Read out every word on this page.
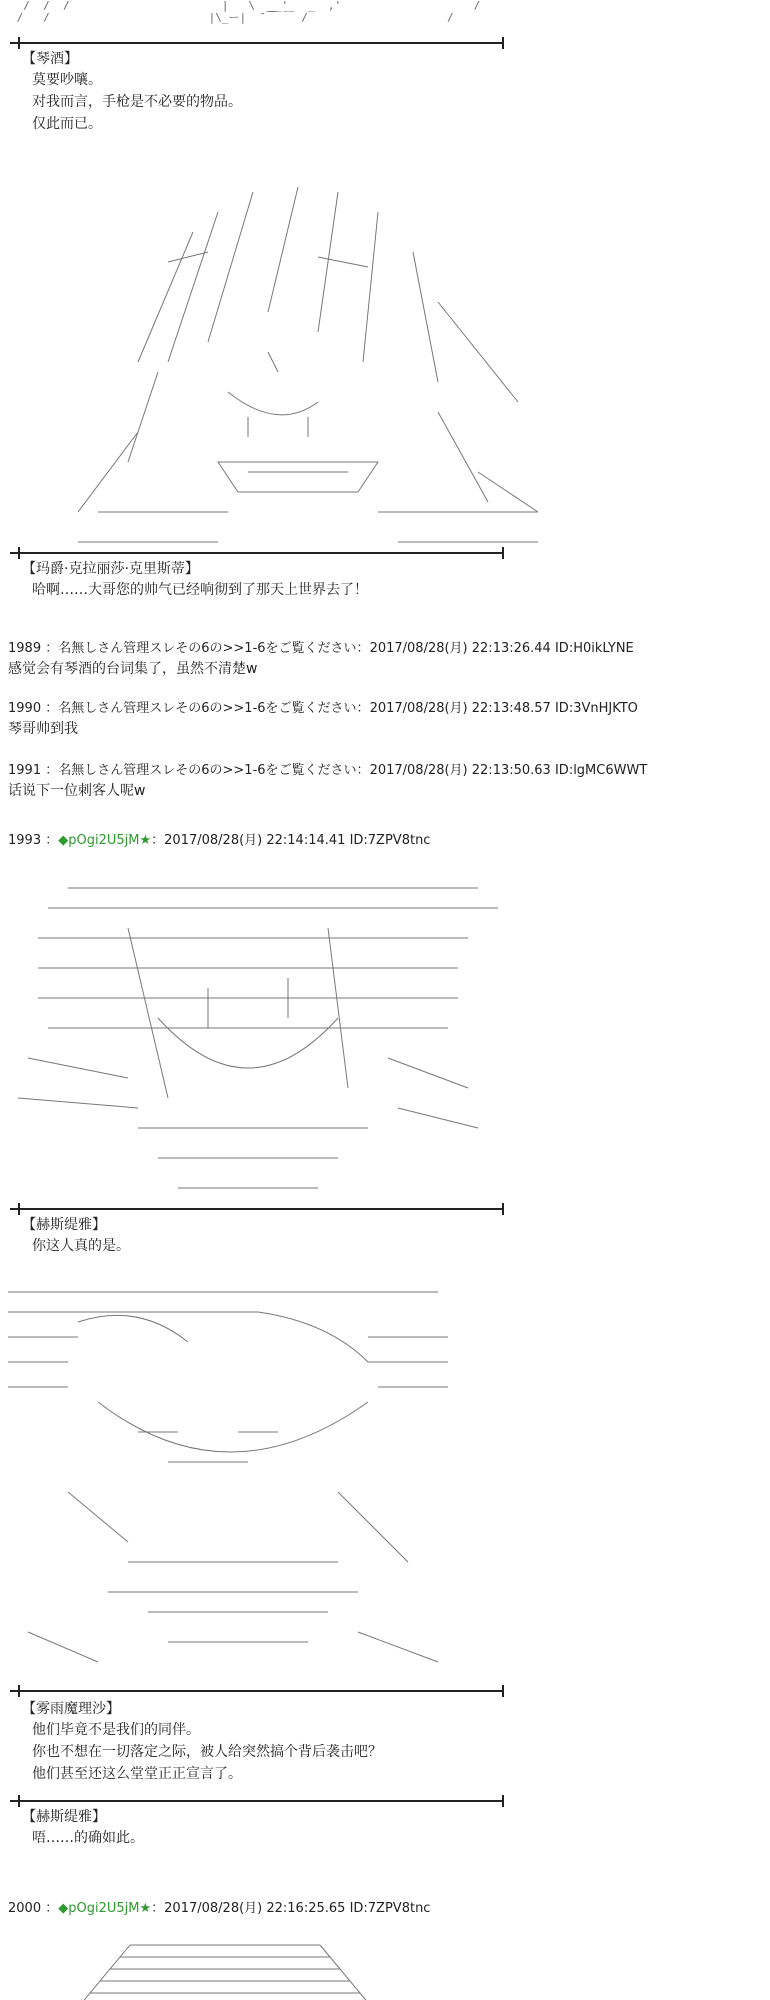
/  /  /                       |   \  __'   _  ,'                    /
/   /                        |\_ー|  ̄ ￣ ￣ /                     /
【琴酒】
莫要吵嚷。
对我而言，手枪是不必要的物品。
仅此而已。

【玛爵·克拉丽莎·克里斯蒂】
哈啊……大哥您的帅气已经响彻到了那天上世界去了！
1989 ：名無しさん管理スレその6の>>1-6をご覧ください：2017/08/28(月) 22:13:26.44 ID:H0ikLYNE
感觉会有琴酒的台词集了，虽然不清楚w
1990 ：名無しさん管理スレその6の>>1-6をご覧ください：2017/08/28(月) 22:13:48.57 ID:3VnHJKTO
琴哥帅到我
1991 ：名無しさん管理スレその6の>>1-6をご覧ください：2017/08/28(月) 22:13:50.63 ID:lgMC6WWT
话说下一位刺客人呢w
1993 ：◆pOgi2U5jM★：2017/08/28(月) 22:14:14.41 ID:7ZPV8tnc

【赫斯缇雅】
你这人真的是。

【雾雨魔理沙】
他们毕竟不是我们的同伴。
你也不想在一切落定之际，被人给突然搞个背后袭击吧？
他们甚至还这么堂堂正正宣言了。
【赫斯缇雅】
唔……的确如此。
2000 ：◆pOgi2U5jM★：2017/08/28(月) 22:16:25.65 ID:7ZPV8tnc
